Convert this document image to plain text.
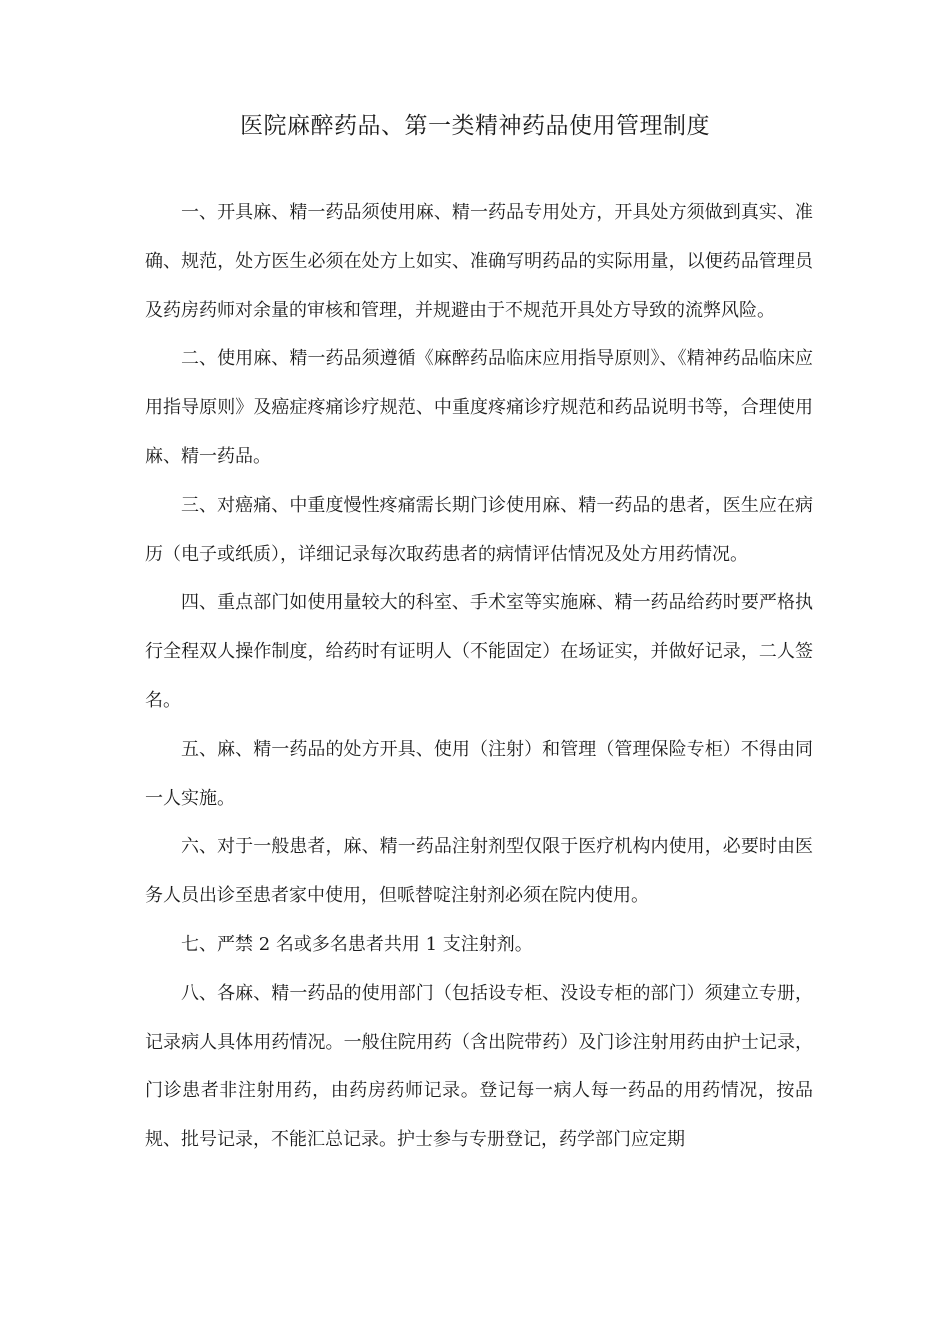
医院麻醉药品、第一类精神药品使用管理制度

一、开具麻、精一药品须使用麻、精一药品专用处方，开具处方须做到真实、准确、规范，处方医生必须在处方上如实、准确写明药品的实际用量，以便药品管理员及药房药师对余量的审核和管理，并规避由于不规范开具处方导致的流弊风险。

二、使用麻、精一药品须遵循《麻醉药品临床应用指导原则》、《精神药品临床应用指导原则》及癌症疼痛诊疗规范、中重度疼痛诊疗规范和药品说明书等，合理使用麻、精一药品。

三、对癌痛、中重度慢性疼痛需长期门诊使用麻、精一药品的患者，医生应在病历（电子或纸质），详细记录每次取药患者的病情评估情况及处方用药情况。

四、重点部门如使用量较大的科室、手术室等实施麻、精一药品给药时要严格执行全程双人操作制度，给药时有证明人（不能固定）在场证实，并做好记录，二人签名。

五、麻、精一药品的处方开具、使用（注射）和管理（管理保险专柜）不得由同一人实施。

六、对于一般患者，麻、精一药品注射剂型仅限于医疗机构内使用，必要时由医务人员出诊至患者家中使用，但哌替啶注射剂必须在院内使用。

七、严禁 2 名或多名患者共用 1 支注射剂。

八、各麻、精一药品的使用部门（包括设专柜、没设专柜的部门）须建立专册，记录病人具体用药情况。一般住院用药（含出院带药）及门诊注射用药由护士记录，门诊患者非注射用药，由药房药师记录。登记每一病人每一药品的用药情况，按品规、批号记录，不能汇总记录。护士参与专册登记，药学部门应定期
